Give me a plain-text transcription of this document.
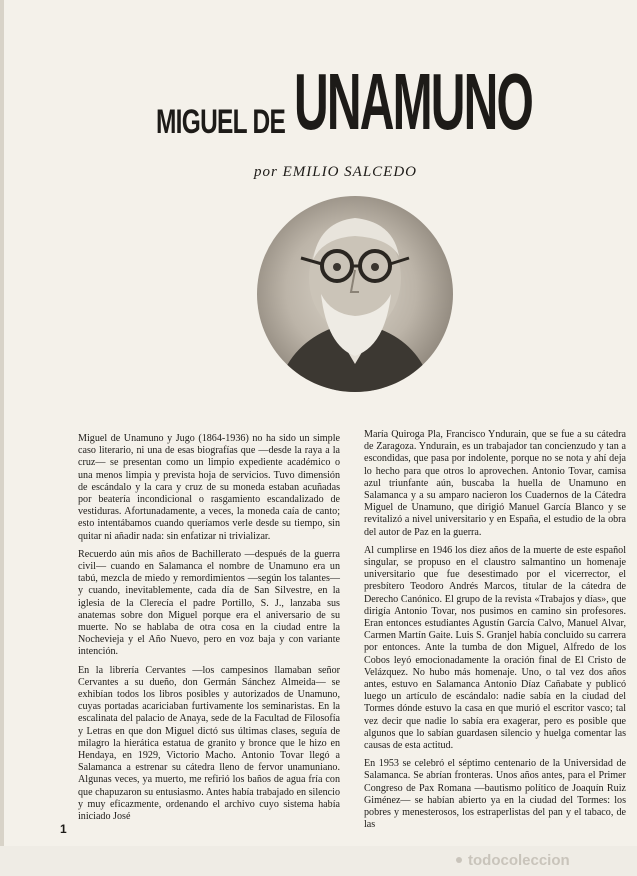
MIGUEL DE UNAMUNO
por EMILIO SALCEDO

Miguel de Unamuno y Jugo (1864-1936) no ha sido un simple caso literario, ni una de esas biografías que —desde la raya a la cruz— se presentan como un limpio expediente académico o una menos limpia y prevista hoja de servicios. Tuvo dimensión de escándalo y la cara y cruz de su moneda estaban acuñadas por beatería incondicional o rasgamiento escandalizado de vestiduras. Afortunadamente, a veces, la moneda caía de canto; esto intentábamos cuando queríamos verle desde su tiempo, sin quitar ni añadir nada: sin enfatizar ni trivializar.

Recuerdo aún mis años de Bachillerato —después de la guerra civil— cuando en Salamanca el nombre de Unamuno era un tabú, mezcla de miedo y remordimientos —según los talantes— y cuando, inevitablemente, cada día de San Silvestre, en la iglesia de la Clerecía el padre Portillo, S. J., lanzaba sus anatemas sobre don Miguel porque era el aniversario de su muerte. No se hablaba de otra cosa en la ciudad entre la Nochevieja y el Año Nuevo, pero en voz baja y con variante intención.

En la librería Cervantes —los campesinos llamaban señor Cervantes a su dueño, don Germán Sánchez Almeida— se exhibían todos los libros posibles y autorizados de Unamuno, cuyas portadas acariciaban furtivamente los seminaristas. En la escalinata del palacio de Anaya, sede de la Facultad de Filosofía y Letras en que don Miguel dictó sus últimas clases, seguía de milagro la hierática estatua de granito y bronce que le hizo en Hendaya, en 1929, Victorio Macho. Antonio Tovar llegó a Salamanca a estrenar su cátedra lleno de fervor unamuniano. Algunas veces, ya muerto, me refirió los baños de agua fría con que chapuzaron su entusiasmo. Antes había trabajado en silencio y muy eficazmente, ordenando el archivo cuyo sistema había iniciado José

María Quiroga Pla, Francisco Yndurain, que se fue a su cátedra de Zaragoza. Yndurain, es un trabajador tan concienzudo y tan a escondidas, que pasa por indolente, porque no se nota y ahí deja lo hecho para que otros lo aprovechen. Antonio Tovar, camisa azul triunfante aún, buscaba la huella de Unamuno en Salamanca y a su amparo nacieron los Cuadernos de la Cátedra Miguel de Unamuno, que dirigió Manuel García Blanco y se revitalizó a nivel universitario y en España, el estudio de la obra del autor de Paz en la guerra.

Al cumplirse en 1946 los diez años de la muerte de este español singular, se propuso en el claustro salmantino un homenaje universitario que fue desestimado por el vicerrector, el presbítero Teodoro Andrés Marcos, titular de la cátedra de Derecho Canónico. El grupo de la revista «Trabajos y días», que dirigía Antonio Tovar, nos pusimos en camino sin profesores. Eran entonces estudiantes Agustín García Calvo, Manuel Alvar, Carmen Martín Gaite. Luis S. Granjel había concluido su carrera por entonces. Ante la tumba de don Miguel, Alfredo de los Cobos leyó emocionadamente la oración final de El Cristo de Velázquez. No hubo más homenaje. Uno, o tal vez dos años antes, estuvo en Salamanca Antonio Díaz Cañabate y publicó luego un artículo de escándalo: nadie sabía en la ciudad del Tormes dónde estuvo la casa en que murió el escritor vasco; tal vez decir que nadie lo sabía era exagerar, pero es posible que algunos que lo sabían guardasen silencio y huelga comentar las causas de esta actitud.

En 1953 se celebró el séptimo centenario de la Universidad de Salamanca. Se abrían fronteras. Unos años antes, para el Primer Congreso de Pax Romana —bautismo político de Joaquín Ruiz Giménez— se habían abierto ya en la ciudad del Tormes: los pobres y menesterosos, los estraperlistas del pan y el tabaco, de las

1
todocoleccion
